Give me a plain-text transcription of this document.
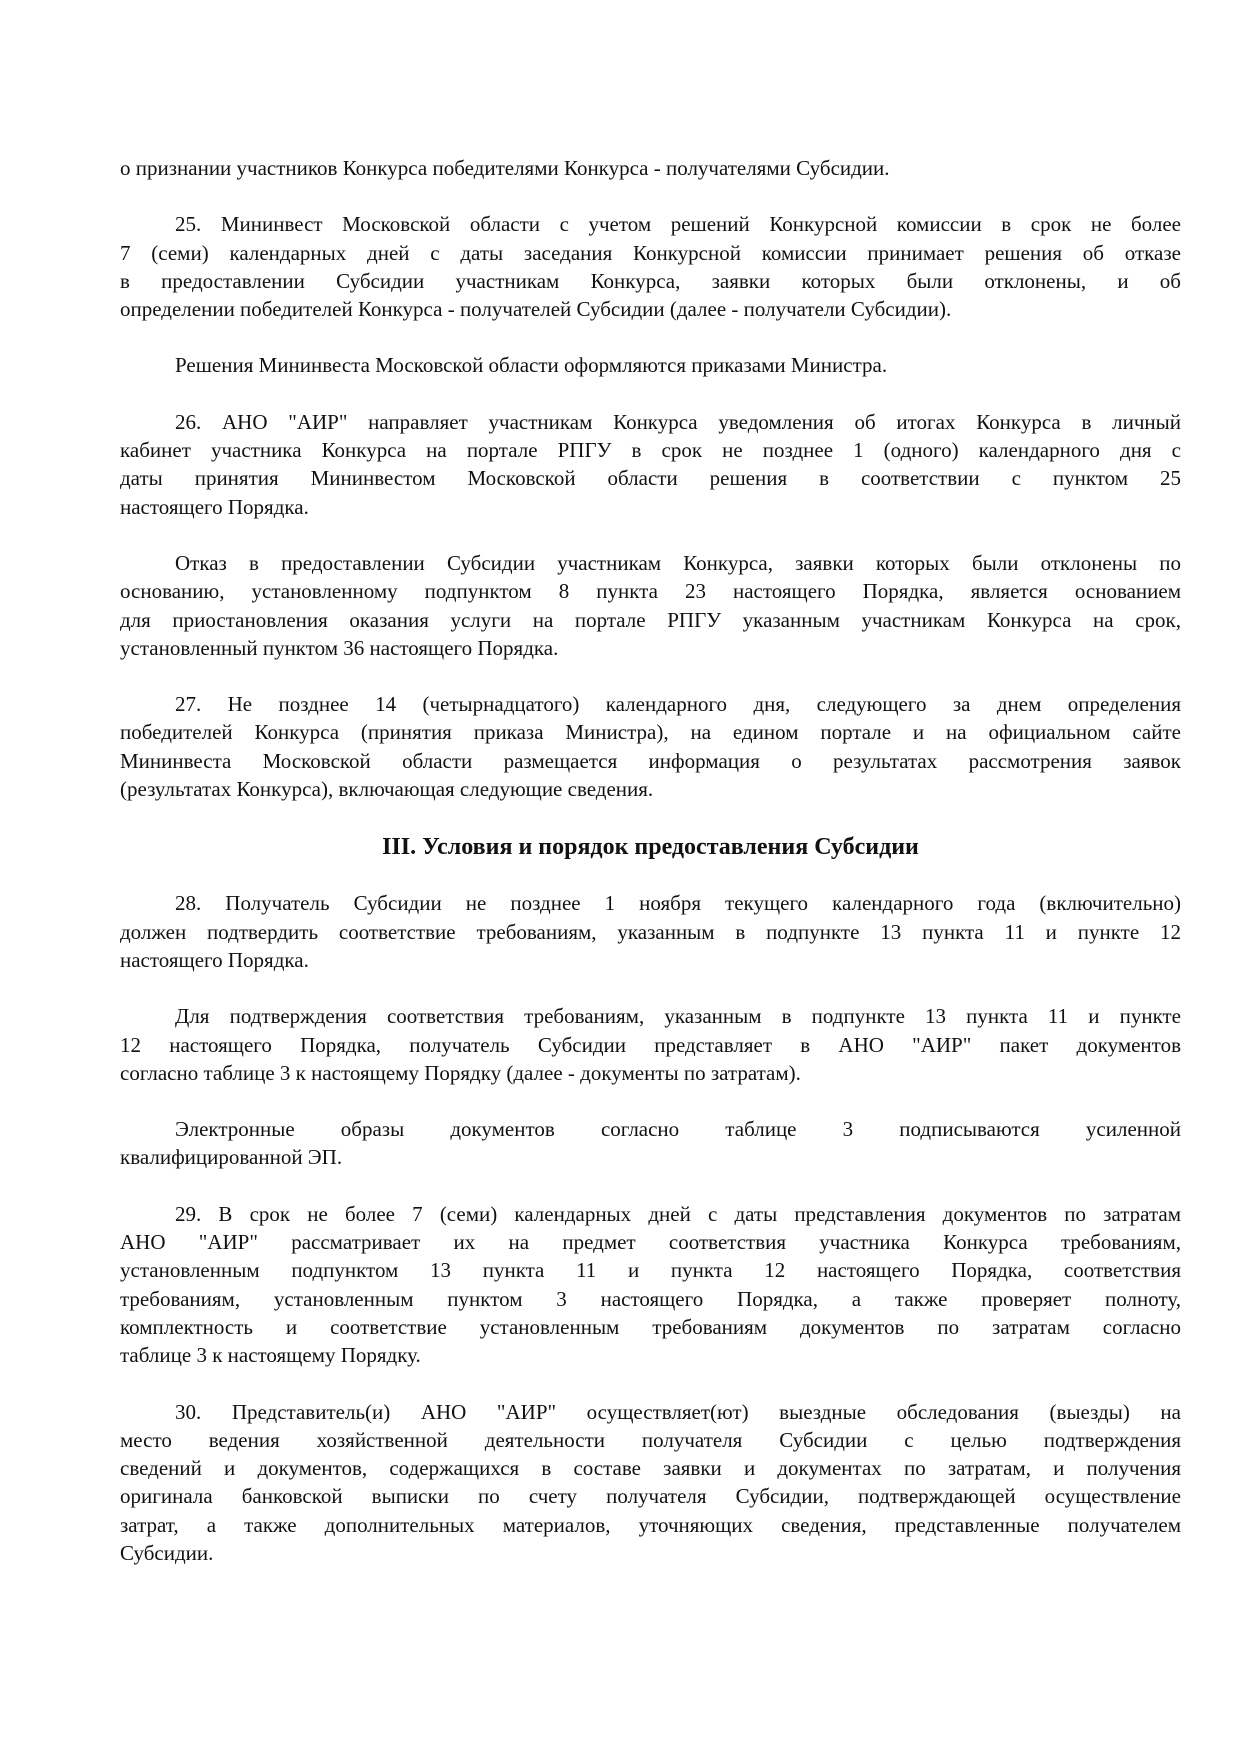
о признании участников Конкурса победителями Конкурса - получателями Субсидии.
25. Мининвест Московской области с учетом решений Конкурсной комиссии в срок не более
7 (семи) календарных дней с даты заседания Конкурсной комиссии принимает решения об отказе
в предоставлении Субсидии участникам Конкурса, заявки которых были отклонены, и об
определении победителей Конкурса - получателей Субсидии (далее - получатели Субсидии).
Решения Мининвеста Московской области оформляются приказами Министра.
26. АНО "АИР" направляет участникам Конкурса уведомления об итогах Конкурса в личный
кабинет участника Конкурса на портале РПГУ в срок не позднее 1 (одного) календарного дня с
даты принятия Мининвестом Московской области решения в соответствии с пунктом 25
настоящего Порядка.
Отказ в предоставлении Субсидии участникам Конкурса, заявки которых были отклонены по
основанию, установленному подпунктом 8 пункта 23 настоящего Порядка, является основанием
для приостановления оказания услуги на портале РПГУ указанным участникам Конкурса на срок,
установленный пунктом 36 настоящего Порядка.
27. Не позднее 14 (четырнадцатого) календарного дня, следующего за днем определения
победителей Конкурса (принятия приказа Министра), на едином портале и на официальном сайте
Мининвеста Московской области размещается информация о результатах рассмотрения заявок
(результатах Конкурса), включающая следующие сведения.
III. Условия и порядок предоставления Субсидии
28. Получатель Субсидии не позднее 1 ноября текущего календарного года (включительно)
должен подтвердить соответствие требованиям, указанным в подпункте 13 пункта 11 и пункте 12
настоящего Порядка.
Для подтверждения соответствия требованиям, указанным в подпункте 13 пункта 11 и пункте
12 настоящего Порядка, получатель Субсидии представляет в АНО "АИР" пакет документов
согласно таблице 3 к настоящему Порядку (далее - документы по затратам).
Электронные образы документов согласно таблице 3 подписываются усиленной
квалифицированной ЭП.
29. В срок не более 7 (семи) календарных дней с даты представления документов по затратам
АНО "АИР" рассматривает их на предмет соответствия участника Конкурса требованиям,
установленным подпунктом 13 пункта 11 и пункта 12 настоящего Порядка, соответствия
требованиям, установленным пунктом 3 настоящего Порядка, а также проверяет полноту,
комплектность и соответствие установленным требованиям документов по затратам согласно
таблице 3 к настоящему Порядку.
30. Представитель(и) АНО "АИР" осуществляет(ют) выездные обследования (выезды) на
место ведения хозяйственной деятельности получателя Субсидии с целью подтверждения
сведений и документов, содержащихся в составе заявки и документах по затратам, и получения
оригинала банковской выписки по счету получателя Субсидии, подтверждающей осуществление
затрат, а также дополнительных материалов, уточняющих сведения, представленные получателем
Субсидии.
